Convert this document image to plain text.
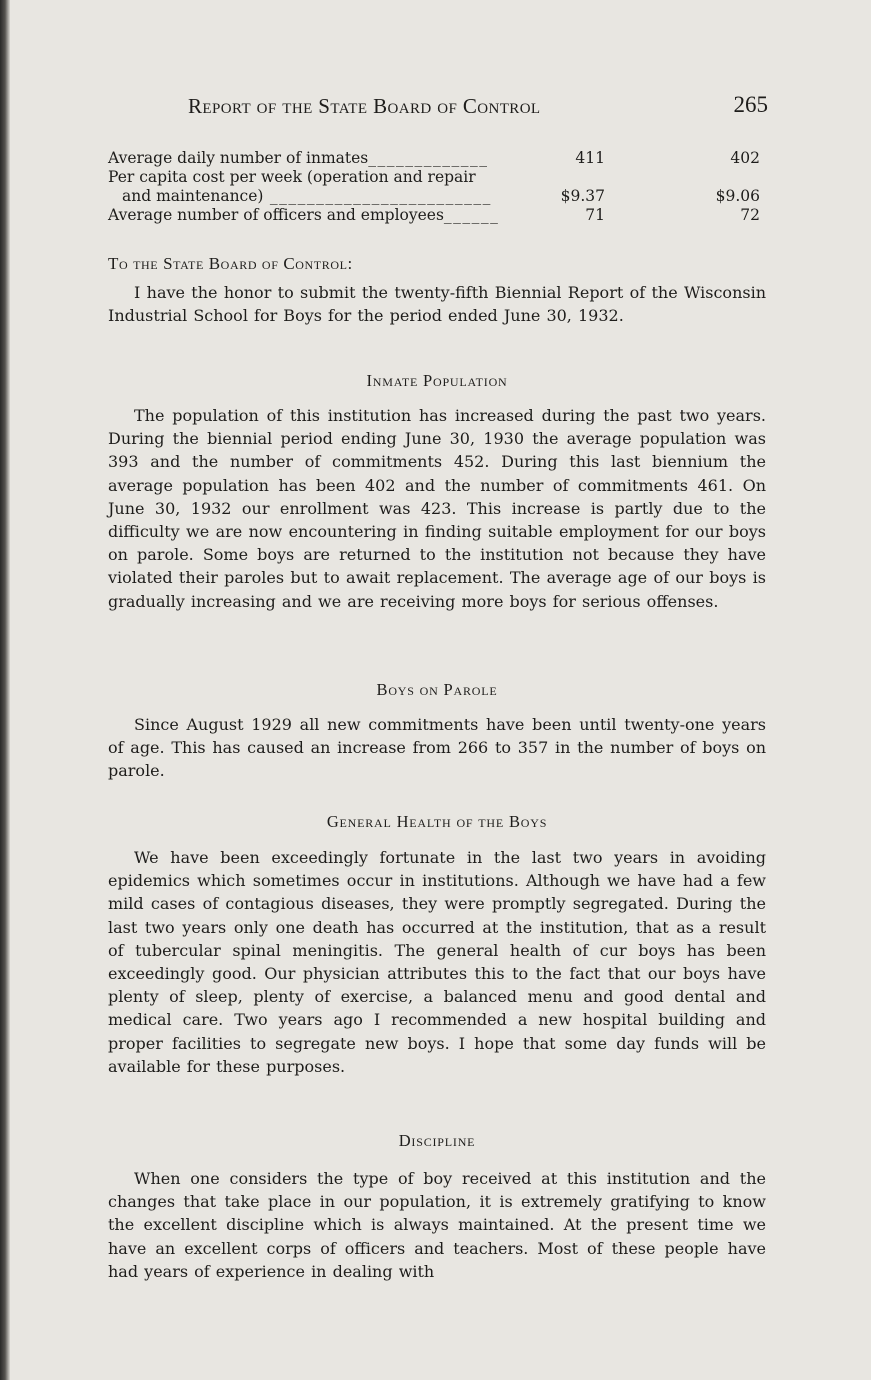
Report of the State Board of Control	265
Average daily number of inmates_____________	411	402
Per capita cost per week (operation and repair
and maintenance) ________________________	$9.37	$9.06
Average number of officers and employees______	71	72
To the State Board of Control:

I have the honor to submit the twenty-fifth Biennial Report of the Wisconsin Industrial School for Boys for the period ended June 30, 1932.

Inmate Population

The population of this institution has increased during the past two years. During the biennial period ending June 30, 1930 the average population was 393 and the number of commitments 452. During this last biennium the average population has been 402 and the number of commitments 461. On June 30, 1932 our enrollment was 423. This increase is partly due to the difficulty we are now encountering in finding suitable employment for our boys on parole. Some boys are returned to the institution not because they have violated their paroles but to await replacement. The average age of our boys is gradually increasing and we are receiving more boys for serious offenses.

Boys on Parole

Since August 1929 all new commitments have been until twenty-one years of age. This has caused an increase from 266 to 357 in the number of boys on parole.

General Health of the Boys

We have been exceedingly fortunate in the last two years in avoiding epidemics which sometimes occur in institutions. Although we have had a few mild cases of contagious diseases, they were promptly segregated. During the last two years only one death has occurred at the institution, that as a result of tubercular spinal meningitis. The general health of cur boys has been exceedingly good. Our physician attributes this to the fact that our boys have plenty of sleep, plenty of exercise, a balanced menu and good dental and medical care. Two years ago I recommended a new hospital building and proper facilities to segregate new boys. I hope that some day funds will be available for these purposes.

Discipline

When one considers the type of boy received at this institution and the changes that take place in our population, it is extremely gratifying to know the excellent discipline which is always maintained. At the present time we have an excellent corps of officers and teachers. Most of these people have had years of experience in dealing with
